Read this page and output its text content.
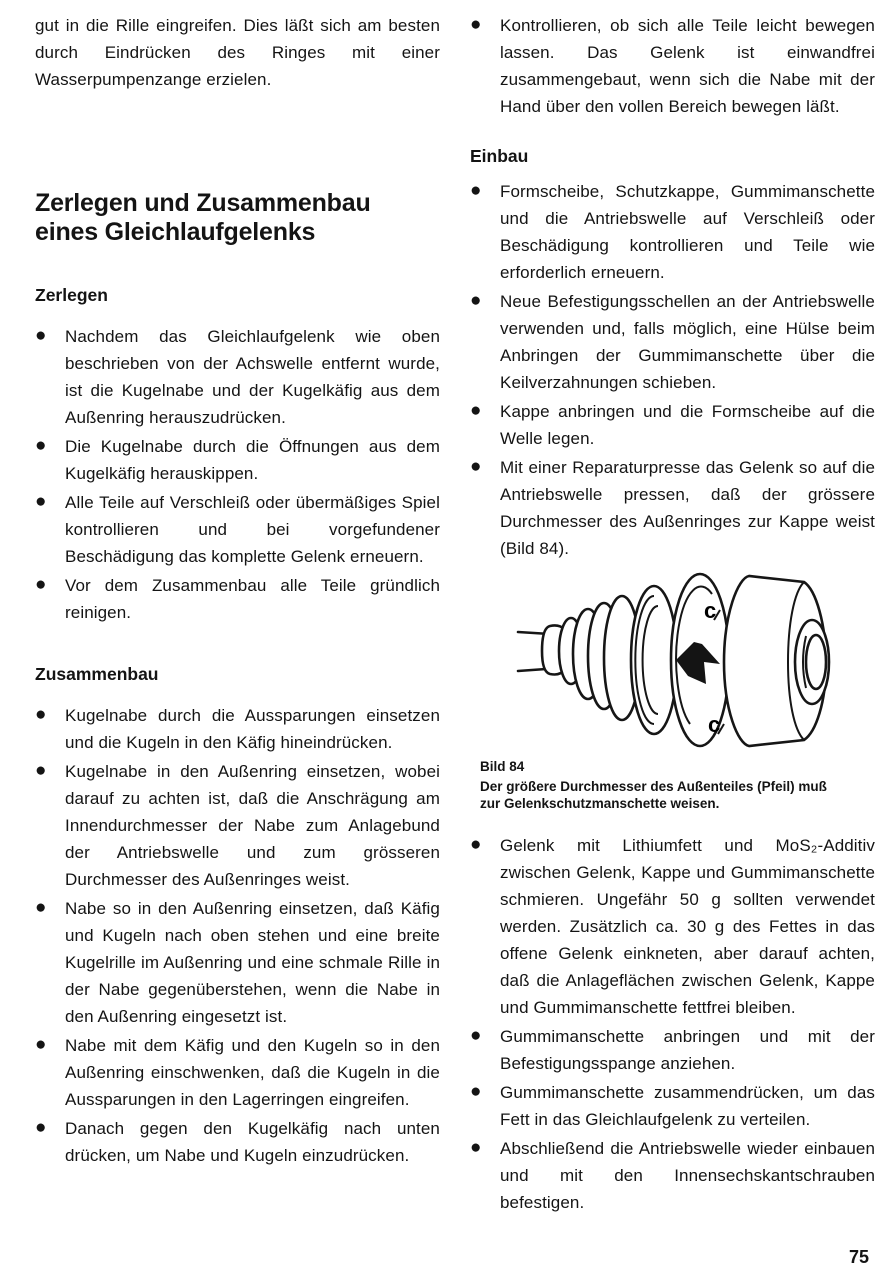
gut in die Rille eingreifen. Dies läßt sich am besten durch Eindrücken des Ringes mit einer Wasserpumpenzange erzielen.

Zerlegen und Zusammenbau eines Gleichlaufgelenks
Zerlegen
● Nachdem das Gleichlaufgelenk wie oben beschrieben von der Achswelle entfernt wurde, ist die Kugelnabe und der Kugelkäfig aus dem Außenring herauszudrücken.
● Die Kugelnabe durch die Öffnungen aus dem Kugelkäfig herauskippen.
● Alle Teile auf Verschleiß oder übermäßiges Spiel kontrollieren und bei vorgefundener Beschädigung das komplette Gelenk erneuern.
● Vor dem Zusammenbau alle Teile gründlich reinigen.
Zusammenbau
● Kugelnabe durch die Aussparungen einsetzen und die Kugeln in den Käfig hineindrücken.
● Kugelnabe in den Außenring einsetzen, wobei darauf zu achten ist, daß die Anschrägung am Innendurchmesser der Nabe zum Anlagebund der Antriebswelle und zum grösseren Durchmesser des Außenringes weist.
● Nabe so in den Außenring einsetzen, daß Käfig und Kugeln nach oben stehen und eine breite Kugelrille im Außenring und eine schmale Rille in der Nabe gegenüberstehen, wenn die Nabe in den Außenring eingesetzt ist.
● Nabe mit dem Käfig und den Kugeln so in den Außenring einschwenken, daß die Kugeln in die Aussparungen in den Lagerringen eingreifen.
● Danach gegen den Kugelkäfig nach unten drücken, um Nabe und Kugeln einzudrücken.
● Kontrollieren, ob sich alle Teile leicht bewegen lassen. Das Gelenk ist einwandfrei zusammengebaut, wenn sich die Nabe mit der Hand über den vollen Bereich bewegen läßt.
Einbau
● Formscheibe, Schutzkappe, Gummimanschette und die Antriebswelle auf Verschleiß oder Beschädigung kontrollieren und Teile wie erforderlich erneuern.
● Neue Befestigungsschellen an der Antriebswelle verwenden und, falls möglich, eine Hülse beim Anbringen der Gummimanschette über die Keilverzahnungen schieben.
● Kappe anbringen und die Formscheibe auf die Welle legen.
● Mit einer Reparaturpresse das Gelenk so auf die Antriebswelle pressen, daß der grössere Durchmesser des Außenringes zur Kappe weist (Bild 84).
c
c
Bild 84
Der größere Durchmesser des Außenteiles (Pfeil) muß zur Gelenkschutzmanschette weisen.
● Gelenk mit Lithiumfett und MoS₂-Additiv zwischen Gelenk, Kappe und Gummimanschette schmieren. Ungefähr 50 g sollten verwendet werden. Zusätzlich ca. 30 g des Fettes in das offene Gelenk einkneten, aber darauf achten, daß die Anlageflächen zwischen Gelenk, Kappe und Gummimanschette fettfrei bleiben.
● Gummimanschette anbringen und mit der Befestigungsspange anziehen.
● Gummimanschette zusammendrücken, um das Fett in das Gleichlaufgelenk zu verteilen.
● Abschließend die Antriebswelle wieder einbauen und mit den Innensechskantschrauben befestigen.
75
